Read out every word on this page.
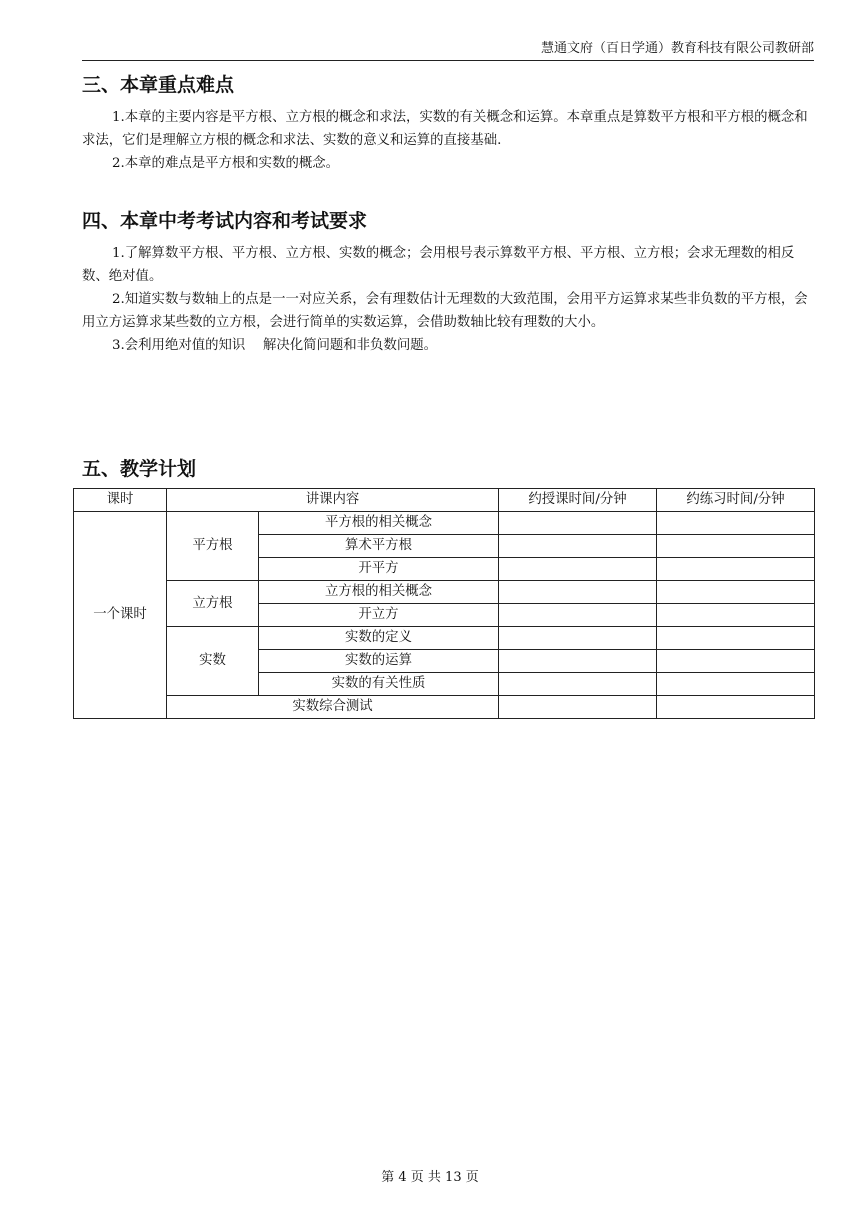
慧通文府（百日学通）教育科技有限公司教研部
三、本章重点难点

1.本章的主要内容是平方根、立方根的概念和求法，实数的有关概念和运算。本章重点是算数平方根和平方根的概念和求法，它们是理解立方根的概念和求法、实数的意义和运算的直接基础.

2.本章的难点是平方根和实数的概念。

四、本章中考考试内容和考试要求

1.了解算数平方根、平方根、立方根、实数的概念；会用根号表示算数平方根、平方根、立方根；会求无理数的相反数、绝对值。

2.知道实数与数轴上的点是一一对应关系，会有理数估计无理数的大致范围，会用平方运算求某些非负数的平方根，会用立方运算求某些数的立方根，会进行简单的实数运算，会借助数轴比较有理数的大小。

3.会利用绝对值的知识　 解决化简问题和非负数问题。

五、教学计划
课时	讲课内容		约授课时间/分钟	约练习时间/分钟
一个课时	平方根	平方根的相关概念		
		算术平方根		
		开平方		
	立方根	立方根的相关概念		
		开立方		
	实数	实数的定义		
		实数的运算		
		实数的有关性质		
	实数综合测试			
第 4 页 共 13 页
